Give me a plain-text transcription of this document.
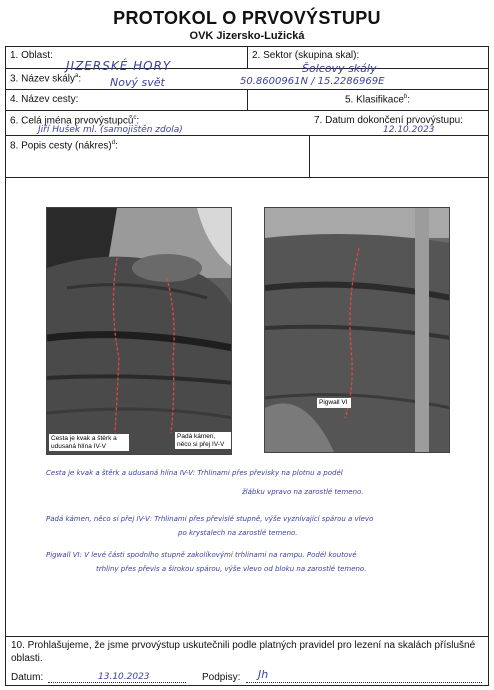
PROTOKOL O PRVOVÝSTUPU
OVK Jizersko-Lužická
1. Oblast:
JIZERSKÉ HORY
2. Sektor (skupina skal):
Šolcovy skály
3. Název skály$^a$:	Nový svět	50.8600961N / 15.2286969E
4. Název cesty:	5. Klasifikace$^b$:
6. Celá jména prvovýstupců$^c$:
Jiří Hušek ml. (samojištěn zdola)
7. Datum dokončení prvovýstupu:
12.10.2023
8. Popis cesty (nákres)$^d$:
Cesta je kvak a štěrk a udusaná hlína IV-V
Padá kámen, něco si přej IV-V
Pigwall VI
Cesta je kvak a štěrk a udusaná hlína IV-V: Trhlinami přes převisky na plotnu a podél
žlábku vpravo na zarostlé temeno.
Padá kámen, něco si přej IV-V: Trhlinami přes převislé stupně, výše vyznívající spárou a vlevo
po krystalech na zarostlé temeno.
Pigwall VI: V levé části spodního stupně zakolíkovými trhlinami na rampu. Podél koutové
trhliny přes převis a širokou spárou, výše vlevo od bloku na zarostlé temeno.
10. Prohlašujeme, že jsme prvovýstup uskutečnili podle platných pravidel pro lezení na skalách příslušné oblasti.
Datum:	13.10.2023	Podpisy: Jh
